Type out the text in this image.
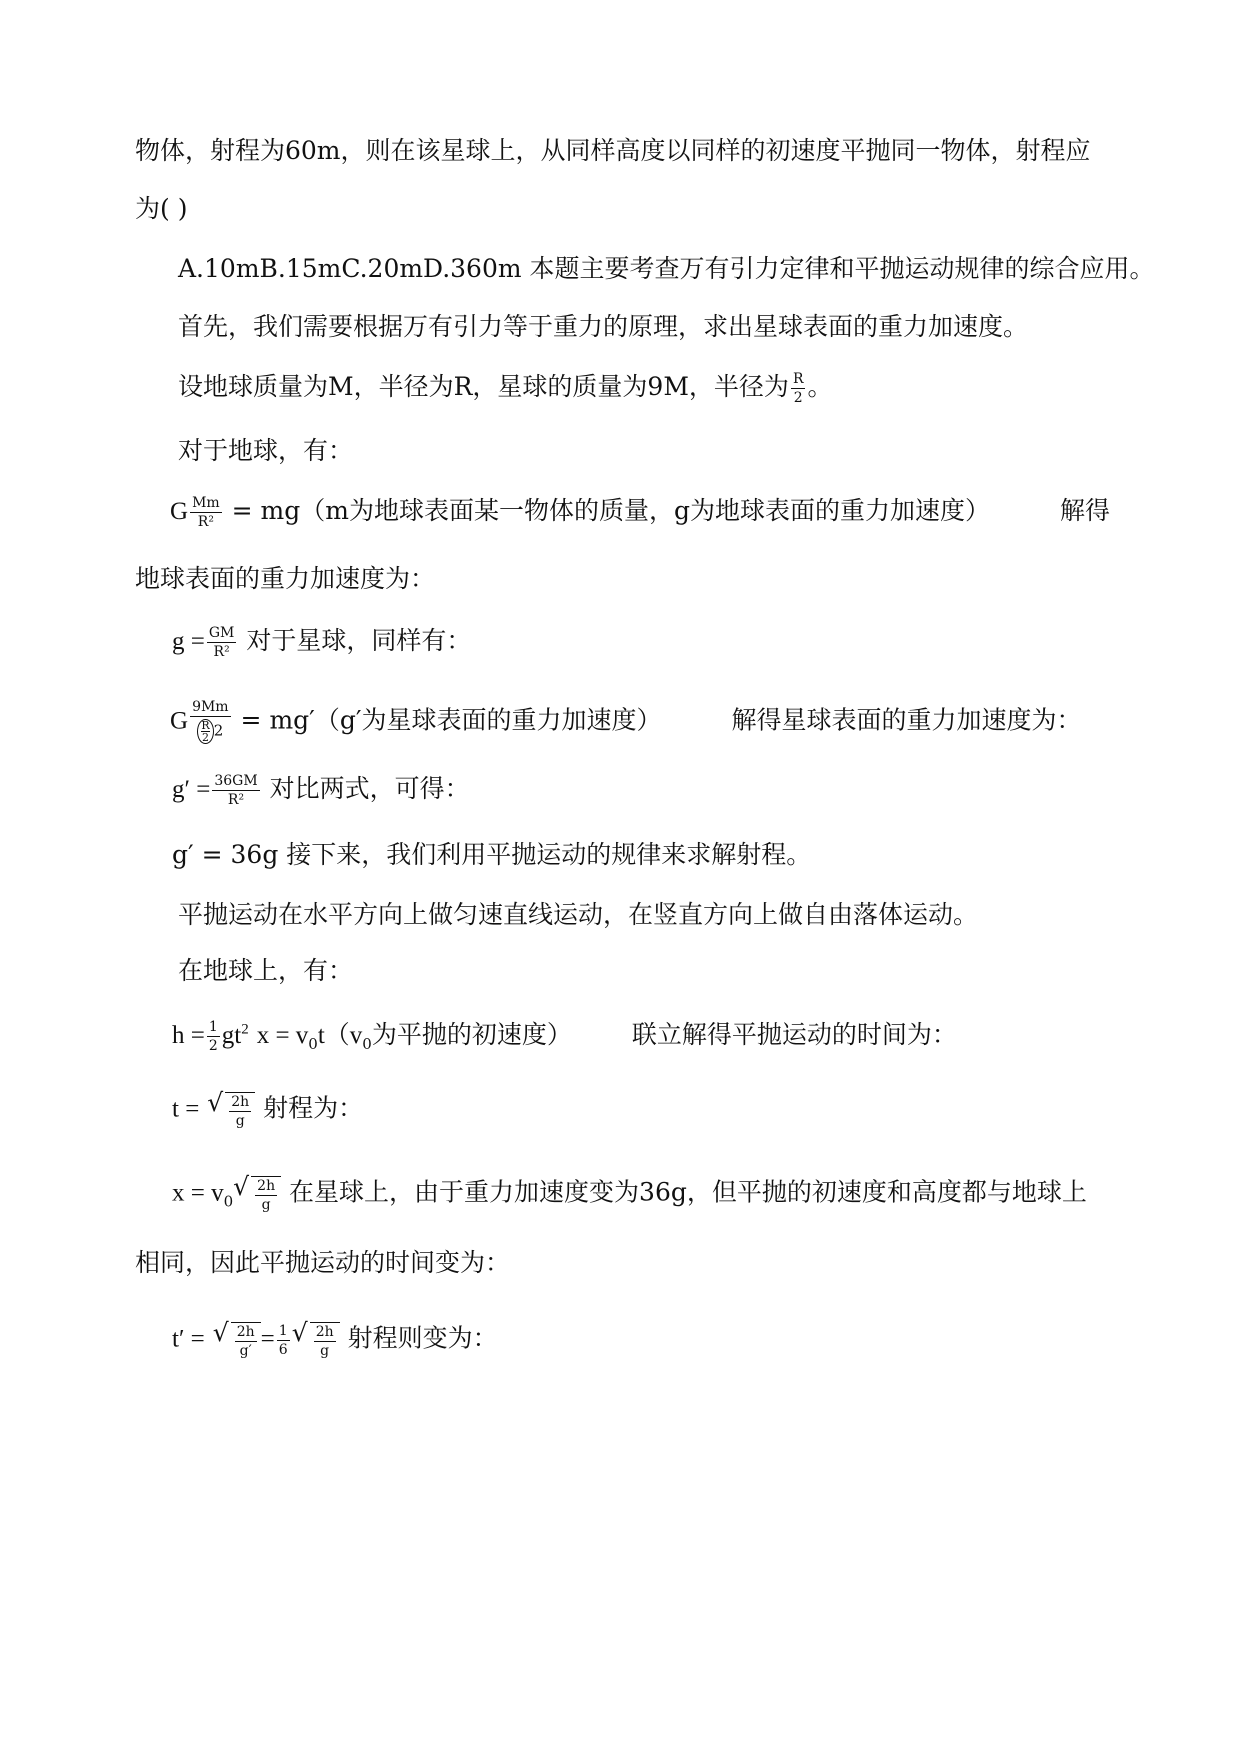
物体，射程为60m，则在该星球上，从同样高度以同样的初速度平抛同一物体，射程应
为( )
A.10mB.15mC.20mD.360m 本题主要考查万有引力定律和平抛运动规律的综合应用。
首先，我们需要根据万有引力等于重力的原理，求出星球表面的重力加速度。
设地球质量为M，半径为R，星球的质量为9M，半径为 $\frac{R}{2}$ 。
对于地球，有：
G $\frac{Mm}{\text{R²}} = mg(m$为地球表面某一物体的质量，g为地球表面的重力加速度）	解得
地球表面的重力加速度为：
$g = \frac{GM}{\text{R²}}$ 对于星球，同样有：
G $\frac{9Mm}{\frac{R}{2} ^2} = mg'(g'$为星球表面的重力加速度）	解得星球表面的重力加速度为：
$g' = \frac{36GM}{\text{R²}}$ 对比两式，可得：
g′ = 36g 接下来，我们利用平抛运动的规律来求解射程。
平抛运动在水平方向上做匀速直线运动，在竖直方向上做自由落体运动。
在地球上，有：
$h = \frac{1}{2} gt^2$ $x = v_0t(v_0$为平抛的初速度） 联立解得平抛运动的时间为：
t = √ $\frac{2h}{g}$ 射程为：
$x = v_0$
√ $\frac{2h}{g}$ 在星球上，由于重力加速度变为36g，但平抛的初速度和高度都与地球上
相同，因此平抛运动的时间变为：
t′ = √ $\frac{2h}{g'} = \frac{1}{6}$ √ $\frac{2h}{g}$ 射程则变为：
